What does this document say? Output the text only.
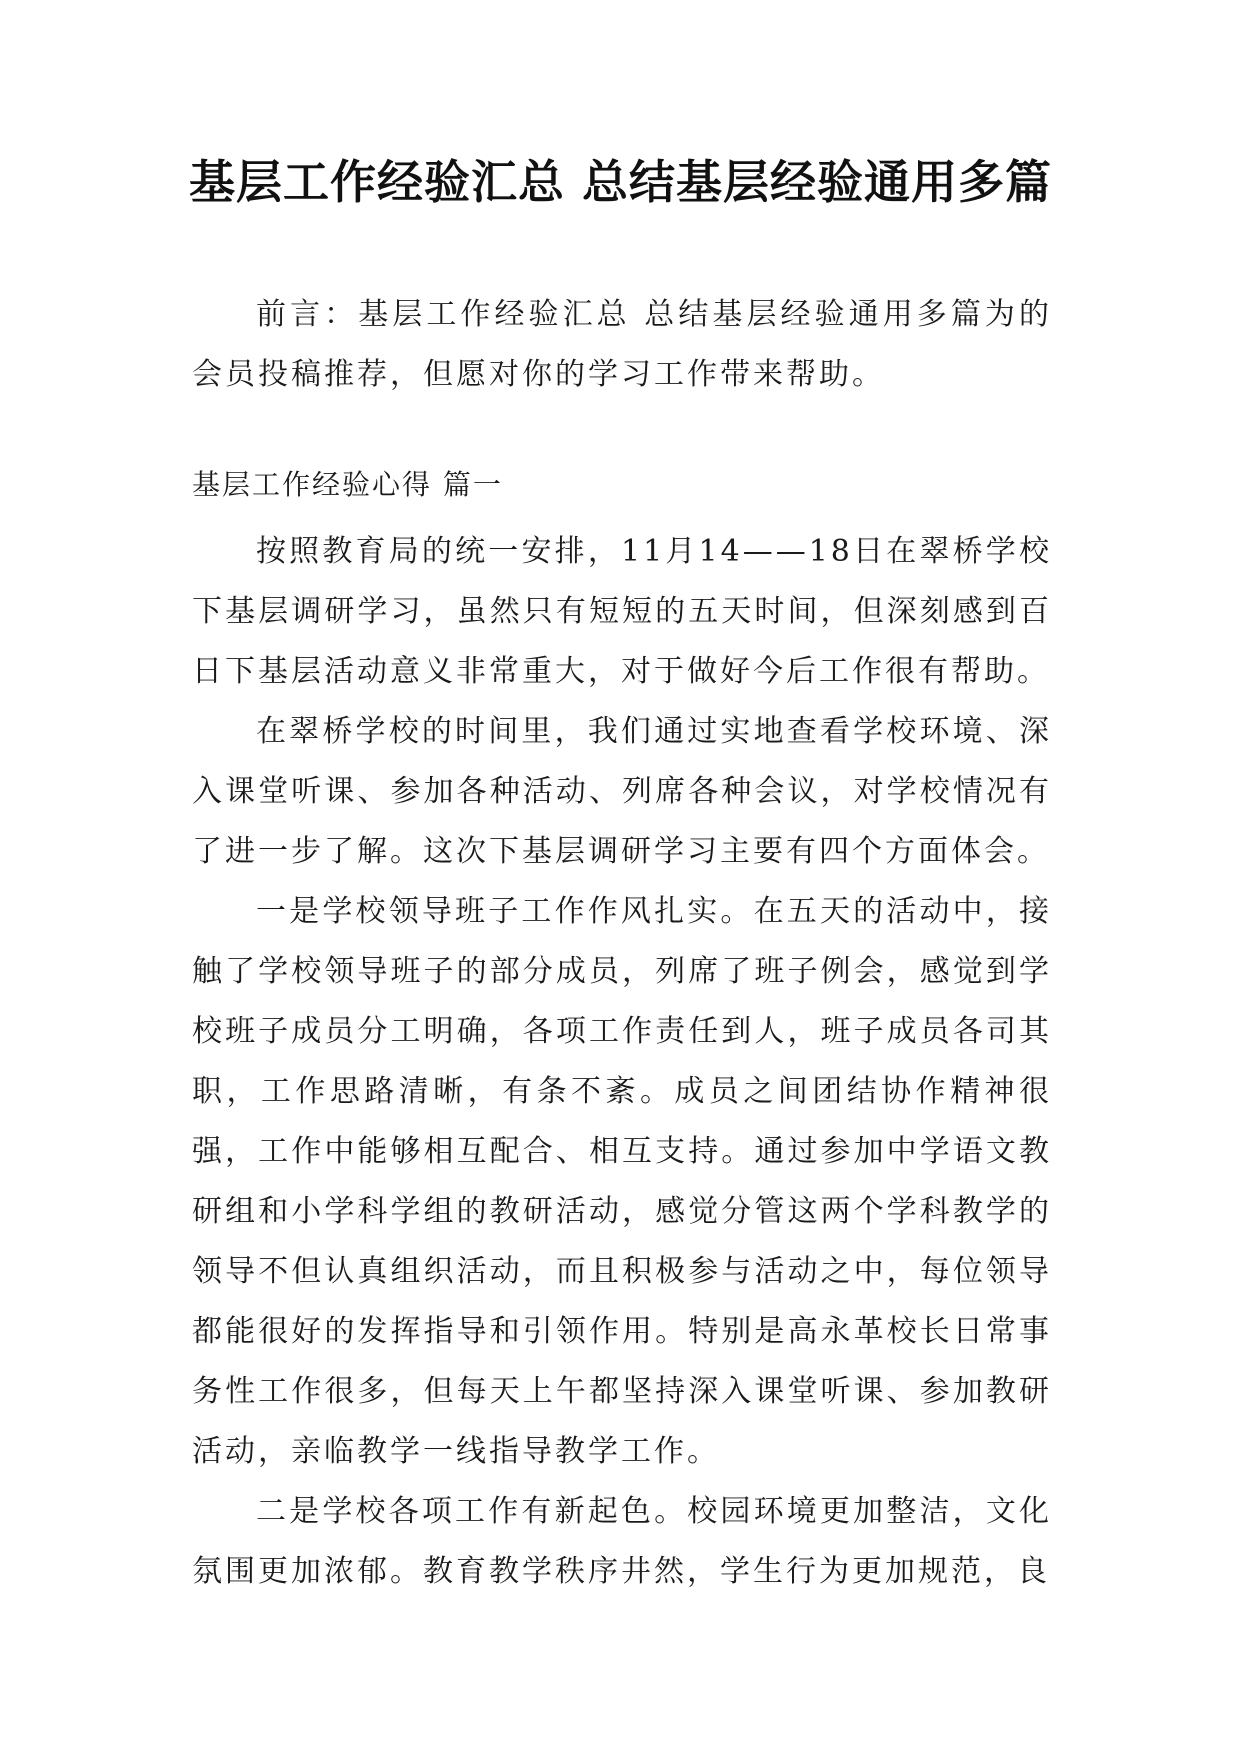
基层工作经验汇总 总结基层经验通用多篇

前言：基层工作经验汇总 总结基层经验通用多篇为的会员投稿推荐，但愿对你的学习工作带来帮助。

基层工作经验心得 篇一

按照教育局的统一安排，11月14——18日在翠桥学校下基层调研学习，虽然只有短短的五天时间，但深刻感到百日下基层活动意义非常重大，对于做好今后工作很有帮助。

在翠桥学校的时间里，我们通过实地查看学校环境、深入课堂听课、参加各种活动、列席各种会议，对学校情况有了进一步了解。这次下基层调研学习主要有四个方面体会。

一是学校领导班子工作作风扎实。在五天的活动中，接触了学校领导班子的部分成员，列席了班子例会，感觉到学校班子成员分工明确，各项工作责任到人，班子成员各司其职，工作思路清晰，有条不紊。成员之间团结协作精神很强，工作中能够相互配合、相互支持。通过参加中学语文教研组和小学科学组的教研活动，感觉分管这两个学科教学的领导不但认真组织活动，而且积极参与活动之中，每位领导都能很好的发挥指导和引领作用。特别是高永革校长日常事务性工作很多，但每天上午都坚持深入课堂听课、参加教研活动，亲临教学一线指导教学工作。

二是学校各项工作有新起色。校园环境更加整洁，文化氛围更加浓郁。教育教学秩序井然，学生行为更加规范，良
